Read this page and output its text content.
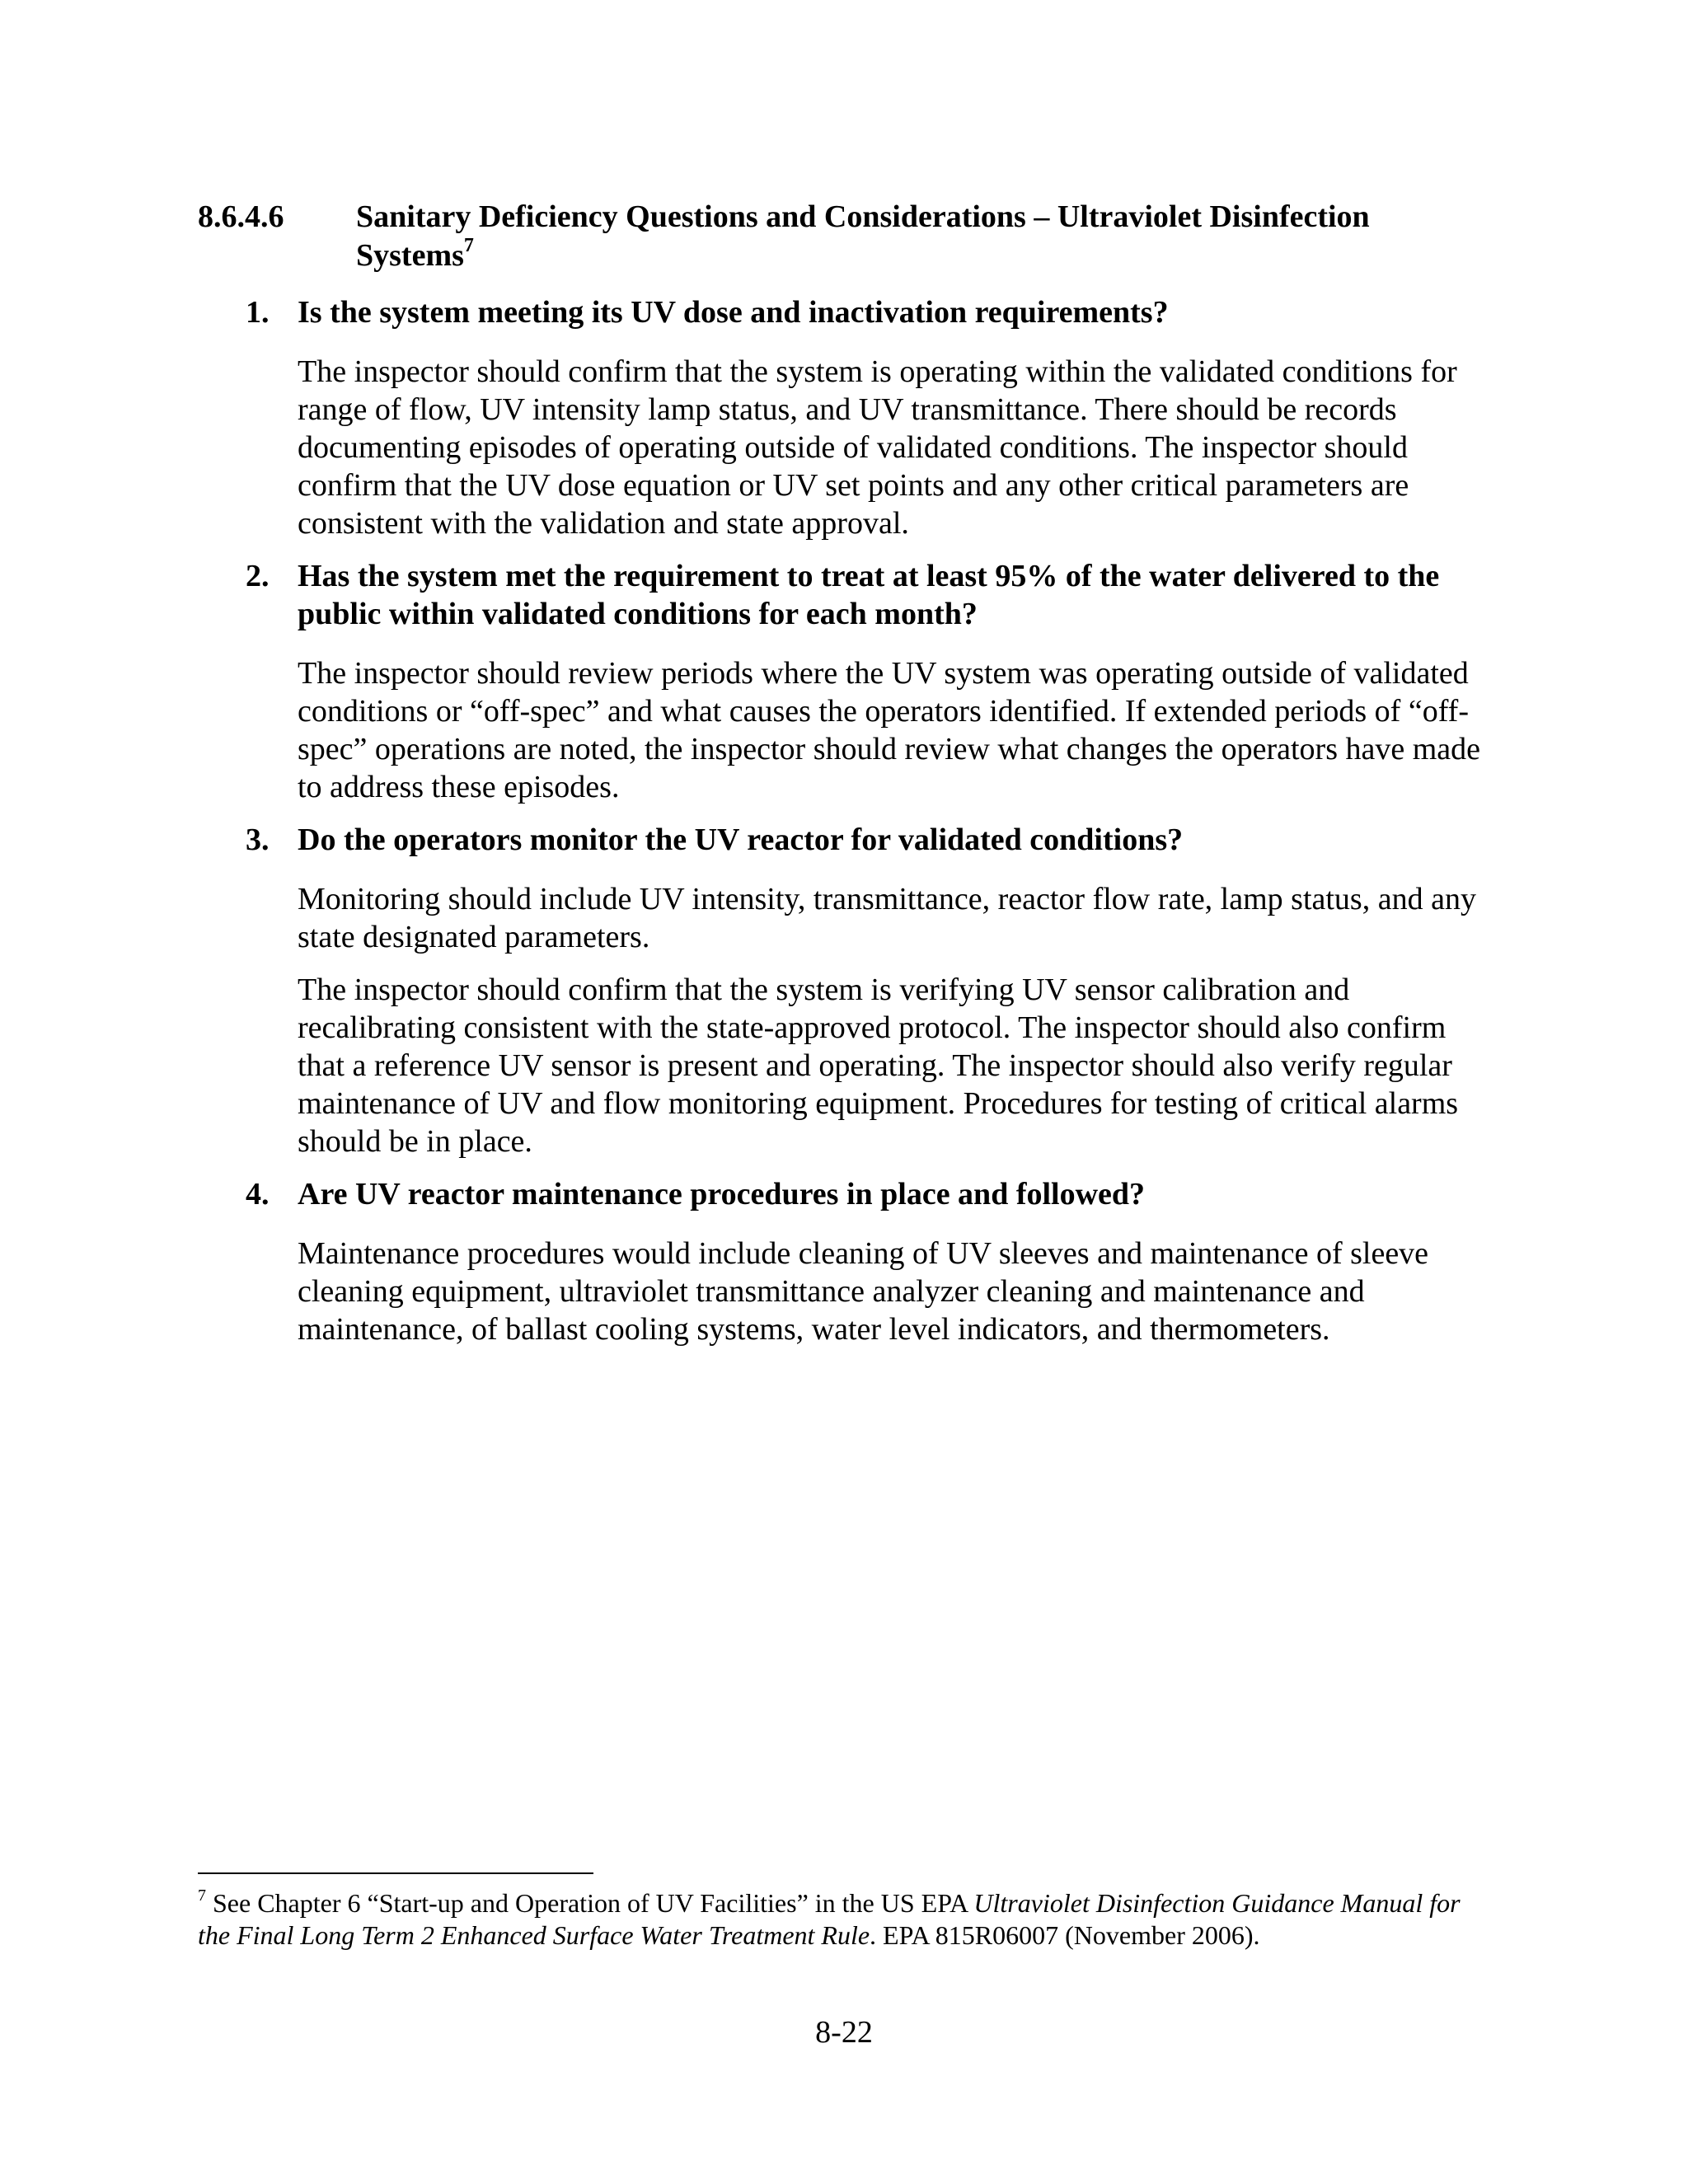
8.6.4.6 Sanitary Deficiency Questions and Considerations – Ultraviolet Disinfection Systems$^7$
1. Is the system meeting its UV dose and inactivation requirements?

The inspector should confirm that the system is operating within the validated conditions for range of flow, UV intensity lamp status, and UV transmittance. There should be records documenting episodes of operating outside of validated conditions. The inspector should confirm that the UV dose equation or UV set points and any other critical parameters are consistent with the validation and state approval.

2. Has the system met the requirement to treat at least 95% of the water delivered to the public within validated conditions for each month?

The inspector should review periods where the UV system was operating outside of validated conditions or “off-spec” and what causes the operators identified. If extended periods of “off-spec” operations are noted, the inspector should review what changes the operators have made to address these episodes.

3. Do the operators monitor the UV reactor for validated conditions?

Monitoring should include UV intensity, transmittance, reactor flow rate, lamp status, and any state designated parameters.

The inspector should confirm that the system is verifying UV sensor calibration and recalibrating consistent with the state-approved protocol. The inspector should also confirm that a reference UV sensor is present and operating. The inspector should also verify regular maintenance of UV and flow monitoring equipment. Procedures for testing of critical alarms should be in place.

4. Are UV reactor maintenance procedures in place and followed?

Maintenance procedures would include cleaning of UV sleeves and maintenance of sleeve cleaning equipment, ultraviolet transmittance analyzer cleaning and maintenance and maintenance, of ballast cooling systems, water level indicators, and thermometers.

$^7$ See Chapter 6 “Start-up and Operation of UV Facilities” in the US EPA Ultraviolet Disinfection Guidance Manual for the Final Long Term 2 Enhanced Surface Water Treatment Rule. EPA 815R06007 (November 2006).
8-22
